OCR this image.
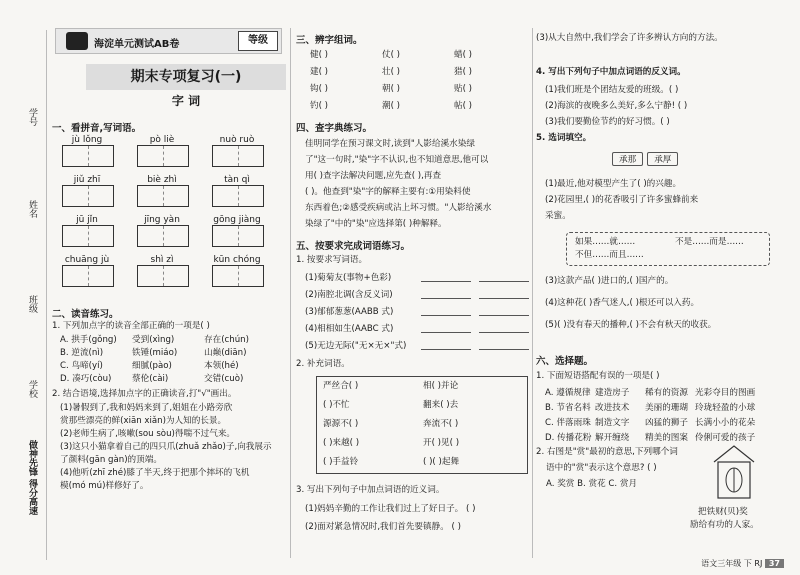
学号
姓名
班级
学校
做神先锋 得分高速
海淀单元测试AB卷	等级
期末专项复习(一)
字 词
一、看拼音,写词语。
jù lǒng	pò liè	nuò ruò
jiǔ zhī	biè zhì	tàn qì
jū jǐn	jīng yàn	gōng jiàng
chuāng jù	shì zì	kūn chóng
二、读音练习。
1. 下列加点字的读音全部正确的一项是( )
A. 拱手(gǒng)	受到(xìng)	存在(chún)
B. 逆流(nì)	铁锤(miáo)	山巅(diān)
C. 鸟啼(yí)	细腻(pào)	本领(hé)
D. 凑巧(còu)	蔡伦(cài)	交错(cuò)
2. 结合语境,选择加点字的正确读音,打"√"画出。
(1)暑假到了,我和妈妈来到了,姐姐在小路旁欣
赏那些漂亮的鲜(xiān xiǎn)为人知的长景。
(2)老师生病了,咳嗽(sou sòu)得喘不过气来。
(3)这只小猫拿着自己的四只爪(zhuǎ zhǎo)子,向我展示
了颜料(gān gàn)的顶端。
(4)他听(zhī zhé)膝了半天,终于把那个摔坏的飞机
模(mó mú)样修好了。
三、辨字组词。
健( )	仗( )	蜡( )
建( )	壮( )	猎( )
钩( )	朝( )	贴( )
钓( )	潮( )	帖( )
四、查字典练习。
佳明同学在预习课文时,读到"人影给溪水染绿
了"这一句时,"染"字不认识,也不知道意思,他可以
用( )查字法解决问题,应先查( ),再查
( )。他查到"染"字的解释主要有:①用染料使
东西着色;②感受疾病或沾上坏习惯。"人影给溪水
染绿了"中的"染"应选择第( )种解释。
五、按要求完成词语练习。
1. 按要求写词语。
(1)菊菊友(事物+色彩)
(2)南腔北调(含反义词)
(3)郁郁葱葱(AABB 式)
(4)相相如生(AABC 式)
(5)无边无际("无×无×"式)
2. 补充词语。
严丝合( )	相( )并论
( )不忙	翻来( )去
源源不( )	奔流不( )
( )来越( )	开( )见( )
( )手益铃	( )( )起舞
3. 写出下列句子中加点词语的近义词。
(1)妈妈辛勤的工作让我们过上了好日子。 ( )
(2)面对紧急情况时,我们首先要镇静。 ( )
(3)从大自然中,我们学会了许多辨认方向的方法。
4. 写出下列句子中加点词语的反义词。
(1)我们班是个团结友爱的班级。( )
(2)海滨的夜晚多么美好,多么宁静! ( )
(3)我们要勤俭节约的好习惯。( )
5. 选词填空。
承那	承厚
(1)最近,他对模型产生了( )的兴趣。
(2)花园里,( )的花香吸引了许多蜜蜂前来
采蜜。
如果……就……	不是……而是……
不但……而且……
(3)这款产品( )进口的,( )国产的。
(4)这种花( )香气迷人,( )根还可以入药。
(5)( )没有春天的播种,( )不会有秋天的收获。
六、选择题。
1. 下面短语搭配有误的一项是( )
A. 遵循规律 建造房子	稀有的资源 光彩夺目的图画
B. 节省名料 改进技术	美丽的珊瑚 玲珑轻盈的小球
C. 伴落雨珠 制造文字	凶猛的狮子 长满小小的花朵
D. 传播花粉 解开缠绕	精美的图案 伶俐可爱的孩子
2. 右图是"赏"最初的意思,下列哪个词
语中的"赏"表示这个意思? ( )
A. 奖赏 B. 赏花 C. 赏月
把铁财(贝)奖
励给有功的人家。
语文三年级 下 RJ 37
